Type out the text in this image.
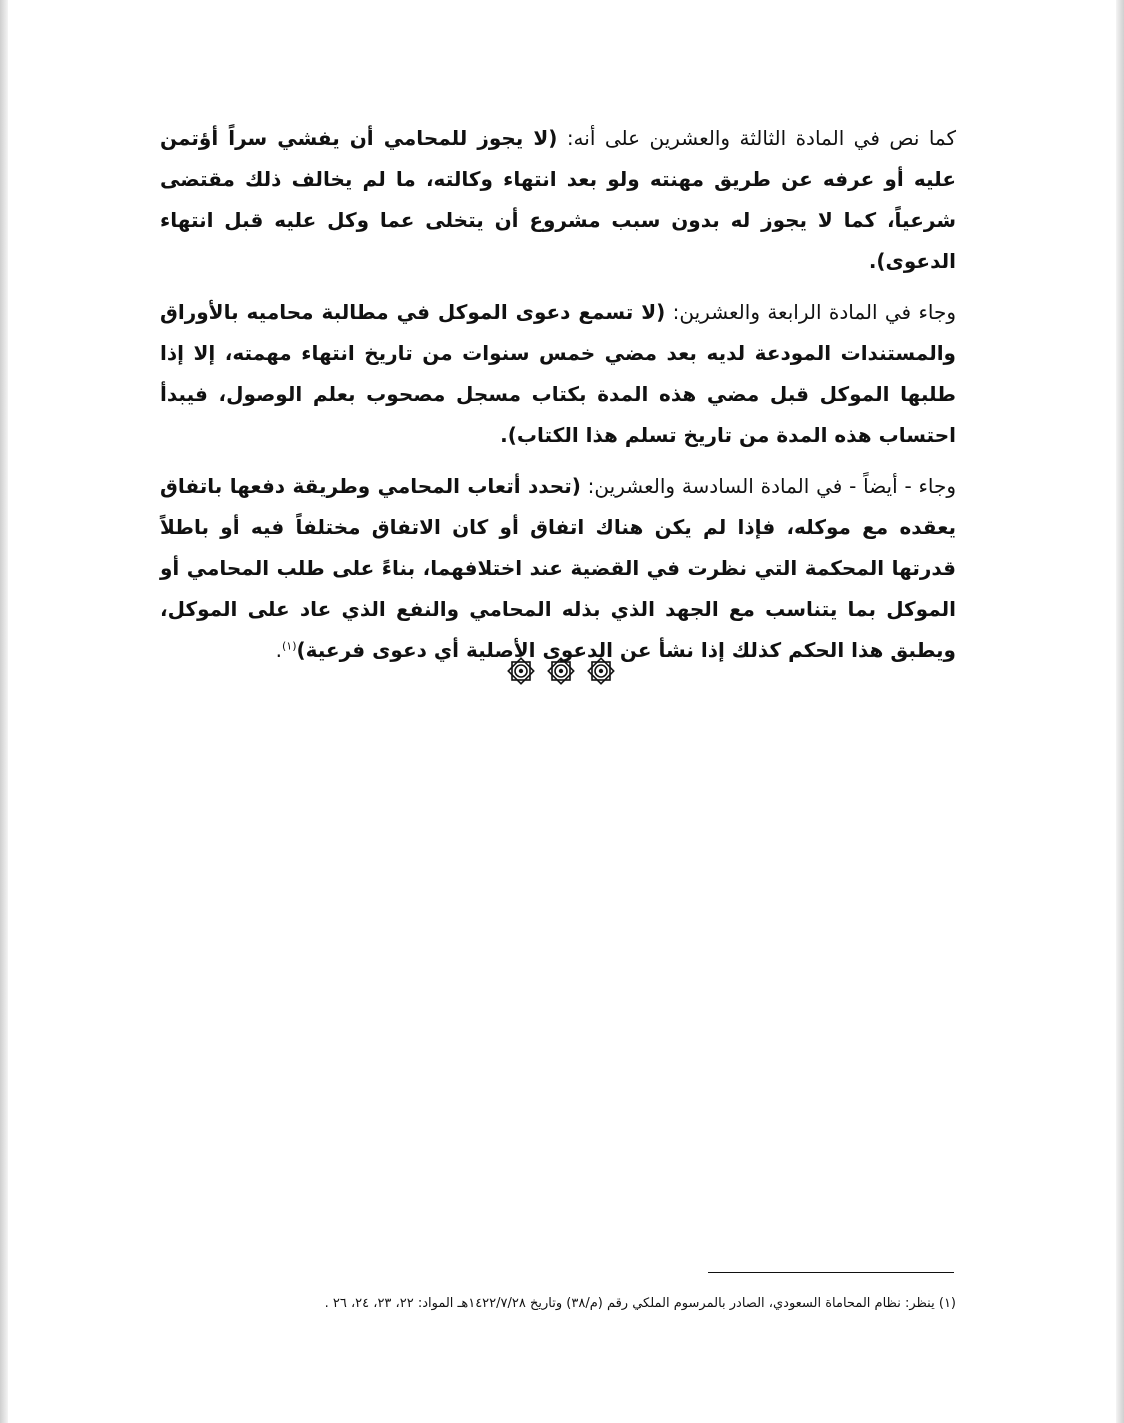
كما نص في المادة الثالثة والعشرين على أنه: (لا يجوز للمحامي أن يفشي سراً أؤتمن عليه أو عرفه عن طريق مهنته ولو بعد انتهاء وكالته، ما لم يخالف ذلك مقتضى شرعياً، كما لا يجوز له بدون سبب مشروع أن يتخلى عما وكل عليه قبل انتهاء الدعوى).

وجاء في المادة الرابعة والعشرين: (لا تسمع دعوى الموكل في مطالبة محاميه بالأوراق والمستندات المودعة لديه بعد مضي خمس سنوات من تاريخ انتهاء مهمته، إلا إذا طلبها الموكل قبل مضي هذه المدة بكتاب مسجل مصحوب بعلم الوصول، فيبدأ احتساب هذه المدة من تاريخ تسلم هذا الكتاب).

وجاء - أيضاً - في المادة السادسة والعشرين: (تحدد أتعاب المحامي وطريقة دفعها باتفاق يعقده مع موكله، فإذا لم يكن هناك اتفاق أو كان الاتفاق مختلفاً فيه أو باطلاً قدرتها المحكمة التي نظرت في القضية عند اختلافهما، بناءً على طلب المحامي أو الموكل بما يتناسب مع الجهد الذي بذله المحامي والنفع الذي عاد على الموكل، ويطبق هذا الحكم كذلك إذا نشأ عن الدعوى الأصلية أي دعوى فرعية)$^{(١)}$.

(١) ينظر: نظام المحاماة السعودي، الصادر بالمرسوم الملكي رقم (م/٣٨) وتاريخ ١٤٢٢/٧/٢٨هـ المواد: ٢٢، ٢٣، ٢٤، ٢٦ .
